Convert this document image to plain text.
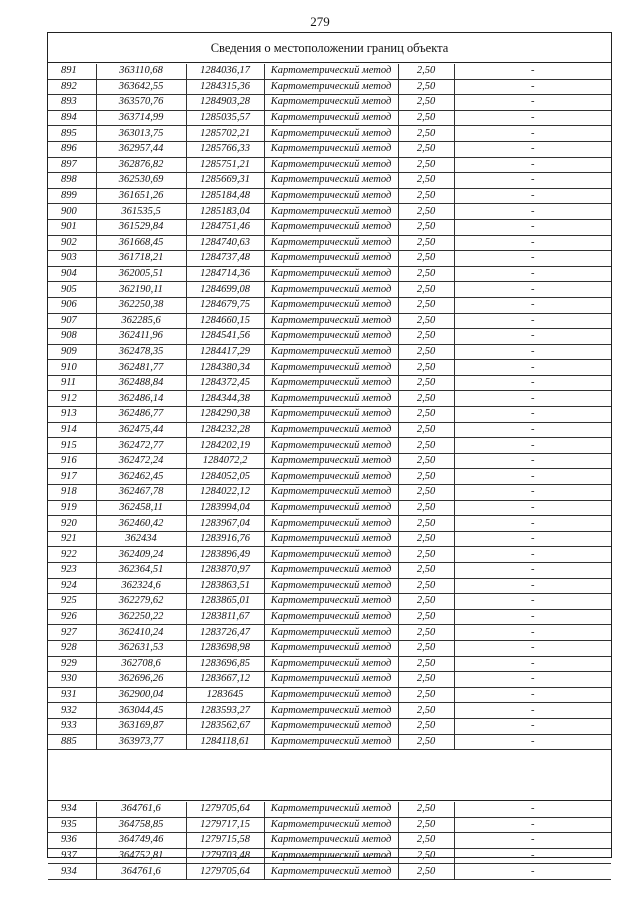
279
Сведения о местоположении границ объекта
891	363110,68	1284036,17	Картометрический метод	2,50	-
892	363642,55	1284315,36	Картометрический метод	2,50	-
893	363570,76	1284903,28	Картометрический метод	2,50	-
894	363714,99	1285035,57	Картометрический метод	2,50	-
895	363013,75	1285702,21	Картометрический метод	2,50	-
896	362957,44	1285766,33	Картометрический метод	2,50	-
897	362876,82	1285751,21	Картометрический метод	2,50	-
898	362530,69	1285669,31	Картометрический метод	2,50	-
899	361651,26	1285184,48	Картометрический метод	2,50	-
900	361535,5	1285183,04	Картометрический метод	2,50	-
901	361529,84	1284751,46	Картометрический метод	2,50	-
902	361668,45	1284740,63	Картометрический метод	2,50	-
903	361718,21	1284737,48	Картометрический метод	2,50	-
904	362005,51	1284714,36	Картометрический метод	2,50	-
905	362190,11	1284699,08	Картометрический метод	2,50	-
906	362250,38	1284679,75	Картометрический метод	2,50	-
907	362285,6	1284660,15	Картометрический метод	2,50	-
908	362411,96	1284541,56	Картометрический метод	2,50	-
909	362478,35	1284417,29	Картометрический метод	2,50	-
910	362481,77	1284380,34	Картометрический метод	2,50	-
911	362488,84	1284372,45	Картометрический метод	2,50	-
912	362486,14	1284344,38	Картометрический метод	2,50	-
913	362486,77	1284290,38	Картометрический метод	2,50	-
914	362475,44	1284232,28	Картометрический метод	2,50	-
915	362472,77	1284202,19	Картометрический метод	2,50	-
916	362472,24	1284072,2	Картометрический метод	2,50	-
917	362462,45	1284052,05	Картометрический метод	2,50	-
918	362467,78	1284022,12	Картометрический метод	2,50	-
919	362458,11	1283994,04	Картометрический метод	2,50	-
920	362460,42	1283967,04	Картометрический метод	2,50	-
921	362434	1283916,76	Картометрический метод	2,50	-
922	362409,24	1283896,49	Картометрический метод	2,50	-
923	362364,51	1283870,97	Картометрический метод	2,50	-
924	362324,6	1283863,51	Картометрический метод	2,50	-
925	362279,62	1283865,01	Картометрический метод	2,50	-
926	362250,22	1283811,67	Картометрический метод	2,50	-
927	362410,24	1283726,47	Картометрический метод	2,50	-
928	362631,53	1283698,98	Картометрический метод	2,50	-
929	362708,6	1283696,85	Картометрический метод	2,50	-
930	362696,26	1283667,12	Картометрический метод	2,50	-
931	362900,04	1283645	Картометрический метод	2,50	-
932	363044,45	1283593,27	Картометрический метод	2,50	-
933	363169,87	1283562,67	Картометрический метод	2,50	-
885	363973,77	1284118,61	Картометрический метод	2,50	-
934	364761,6	1279705,64	Картометрический метод	2,50	-
935	364758,85	1279717,15	Картометрический метод	2,50	-
936	364749,46	1279715,58	Картометрический метод	2,50	-
937	364752,81	1279703,48	Картометрический метод	2,50	-
934	364761,6	1279705,64	Картометрический метод	2,50	-
